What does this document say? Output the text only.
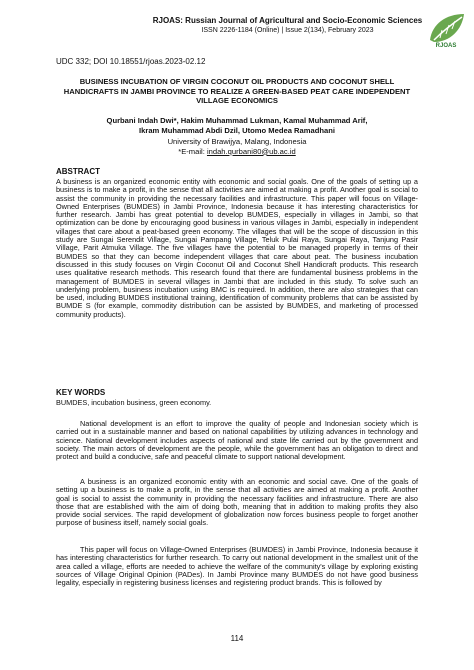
RJOAS: Russian Journal of Agricultural and Socio-Economic Sciences
ISSN 2226-1184 (Online) | Issue 2(134), February 2023
RJOAS
UDC 332; DOI 10.18551/rjoas.2023-02.12
BUSINESS INCUBATION OF VIRGIN COCONUT OIL PRODUCTS AND COCONUT SHELL HANDICRAFTS IN JAMBI PROVINCE TO REALIZE A GREEN-BASED PEAT CARE INDEPENDENT VILLAGE ECONOMICS
Qurbani Indah Dwi*, Hakim Muhammad Lukman, Kamal Muhammad Arif,
Ikram Muhammad Abdi Dzil, Utomo Medea Ramadhani
University of Brawijya, Malang, Indonesia
*E-mail: indah.qurbani80@ub.ac.id
ABSTRACT

A business is an organized economic entity with economic and social goals. One of the goals of setting up a business is to make a profit, in the sense that all activities are aimed at making a profit. Another goal is social to assist the community in providing the necessary facilities and infrastructure. This paper will focus on Village-Owned Enterprises (BUMDES) in Jambi Province, Indonesia because it has interesting characteristics for further research. Jambi has great potential to develop BUMDES, especially in villages in Jambi, so that optimization can be done by encouraging good business in various villages in Jambi, especially in independent villages that care about a peat-based green economy. The villages that will be the scope of discussion in this study are Sungai Serendit Village, Sungai Pampang Village, Teluk Pulai Raya, Sungai Raya, Tanjung Pasir Village, Parit Atmuka Village. The five villages have the potential to be managed properly in terms of their BUMDES so that they can become independent villages that care about peat. The business incubation discussed in this study focuses on Virgin Coconut Oil and Coconut Shell Handicraft products. This research uses qualitative research methods. This research found that there are fundamental business problems in the management of BUMDES in several villages in Jambi that are included in this study. To solve such an underlying problem, business incubation using BMC is required. In addition, there are also strategies that can be used, including BUMDES institutional training, identification of community problems that can be assisted by BUMDE S (for example, commodity distribution can be assisted by BUMDES, and marketing of processed community products).

KEY WORDS

BUMDES, incubation business, green economy.

National development is an effort to improve the quality of people and Indonesian society which is carried out in a sustainable manner and based on national capabilities by utilizing advances in technology and science. National development includes aspects of national and state life carried out by the government and society. The main actors of development are the people, while the government has an obligation to direct and protect and build a conducive, safe and peaceful climate to support national development.

A business is an organized economic entity with an economic and social cave. One of the goals of setting up a business is to make a profit, in the sense that all activities are aimed at making a profit. Another goal is social to assist the community in providing the necessary facilities and infrastructure. There are also those that are established with the aim of doing both, meaning that in addition to making profits they also provide social services. The rapid development of globalization now forces business people to forget another purpose of business itself, namely social goals.

This paper will focus on Village-Owned Enterprises (BUMDES) in Jambi Province, Indonesia because it has interesting characteristics for further research. To carry out national development in the smallest unit of the area called a village, efforts are needed to achieve the welfare of the community's village by exploring existing sources of Village Original Opinion (PADes). In Jambi Province many BUMDES do not have good business legality, especially in registering business licenses and registering product brands. This is followed by

114
